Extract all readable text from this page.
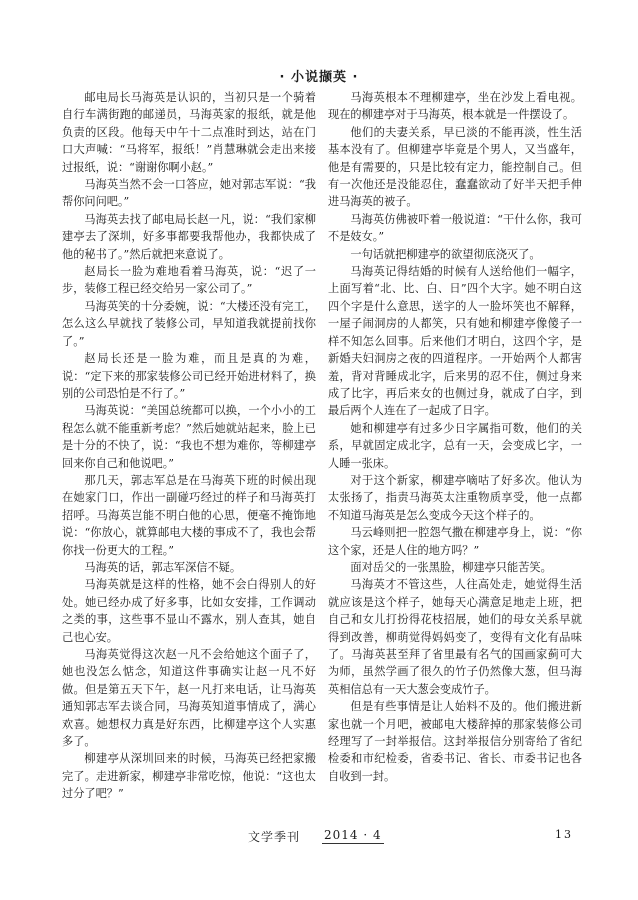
· 小说撷英 ·

邮电局长马海英是认识的，当初只是一个骑着自行车满街跑的邮递员，马海英家的报纸，就是他负责的区段。他每天中午十二点准时到达，站在门口大声喊：“马将军，报纸！”肖慧琳就会走出来接过报纸，说：“谢谢你啊小赵。”

马海英当然不会一口答应，她对郭志军说：“我帮你问问吧。”

马海英去找了邮电局长赵一凡，说：“我们家柳建亭去了深圳，好多事都要我帮他办，我都快成了他的秘书了。”然后就把来意说了。

赵局长一脸为难地看着马海英，说：“迟了一步，装修工程已经交给另一家公司了。”

马海英笑的十分委婉，说：“大楼还没有完工，怎么这么早就找了装修公司，早知道我就提前找你了。”

赵局长还是一脸为难，而且是真的为难，说：“定下来的那家装修公司已经开始进材料了，换别的公司恐怕是不行了。”

马海英说：“美国总统都可以换，一个小小的工程怎么就不能重新考虑？”然后她就站起来，脸上已是十分的不快了，说：“我也不想为难你，等柳建亭回来你自己和他说吧。”

那几天，郭志军总是在马海英下班的时候出现在她家门口，作出一副碰巧经过的样子和马海英打招呼。马海英岂能不明白他的心思，便毫不掩饰地说：“你放心，就算邮电大楼的事成不了，我也会帮你找一份更大的工程。”

马海英的话，郭志军深信不疑。

马海英就是这样的性格，她不会白得别人的好处。她已经办成了好多事，比如女安排，工作调动之类的事，这些事不显山不露水，别人查其，她自己也心安。

马海英觉得这次赵一凡不会给她这个面子了，她也没怎么惦念，知道这件事确实让赵一凡不好做。但是第五天下午，赵一凡打来电话，让马海英通知郭志军去谈合同，马海英知道事情成了，满心欢喜。她想权力真是好东西，比柳建亭这个人实惠多了。

柳建亭从深圳回来的时候，马海英已经把家搬完了。走进新家，柳建亭非常吃惊，他说：“这也太过分了吧？”

马海英根本不理柳建亭，坐在沙发上看电视。现在的柳建亭对于马海英，根本就是一件摆设了。

他们的夫妻关系，早已淡的不能再淡，性生活基本没有了。但柳建亭毕竟是个男人，又当盛年，他是有需要的，只是比较有定力，能控制自己。但有一次他还是没能忍住，蠢蠢欲动了好半天把手伸进马海英的被子。

马海英仿佛被吓着一般说道：“干什么你，我可不是妓女。”

一句话就把柳建亭的欲望彻底浇灭了。

马海英记得结婚的时候有人送给他们一幅字，上面写着“北、比、白、日”四个大字。她不明白这四个字是什么意思，送字的人一脸坏笑也不解释，一屋子闹洞房的人都笑，只有她和柳建亭像傻子一样不知怎么回事。后来他们才明白，这四个字，是新婚夫妇洞房之夜的四道程序。一开始两个人都害羞，背对背睡成北字，后来男的忍不住，侧过身来成了比字，再后来女的也侧过身，就成了白字，到最后两个人连在了一起成了日字。

她和柳建亭有过多少日字属指可数，他们的关系，早就固定成北字，总有一天，会变成匕字，一人睡一张床。

对于这个新家，柳建亭嘀咕了好多次。他认为太张扬了，指责马海英太注重物质享受，他一点都不知道马海英是怎么变成今天这个样子的。

马云峰则把一腔怨气撒在柳建亭身上，说：“你这个家，还是人住的地方吗？”

面对岳父的一张黑脸，柳建亭只能苦笑。

马海英才不管这些，人往高处走，她觉得生活就应该是这个样子，她每天心满意足地走上班，把自己和女儿打扮得花枝招展，她们的母女关系早就得到改善，柳萌觉得妈妈变了，变得有文化有品味了。马海英甚至拜了省里最有名气的国画家蓟可大为师，虽然学画了很久的竹子仍然像大葱，但马海英相信总有一天大葱会变成竹子。

但是有些事情是让人始料不及的。他们搬进新家也就一个月吧，被邮电大楼辞掉的那家装修公司经理写了一封举报信。这封举报信分别寄给了省纪检委和市纪检委，省委书记、省长、市委书记也各自收到一封。

文学季刊 2014 · 4	13
